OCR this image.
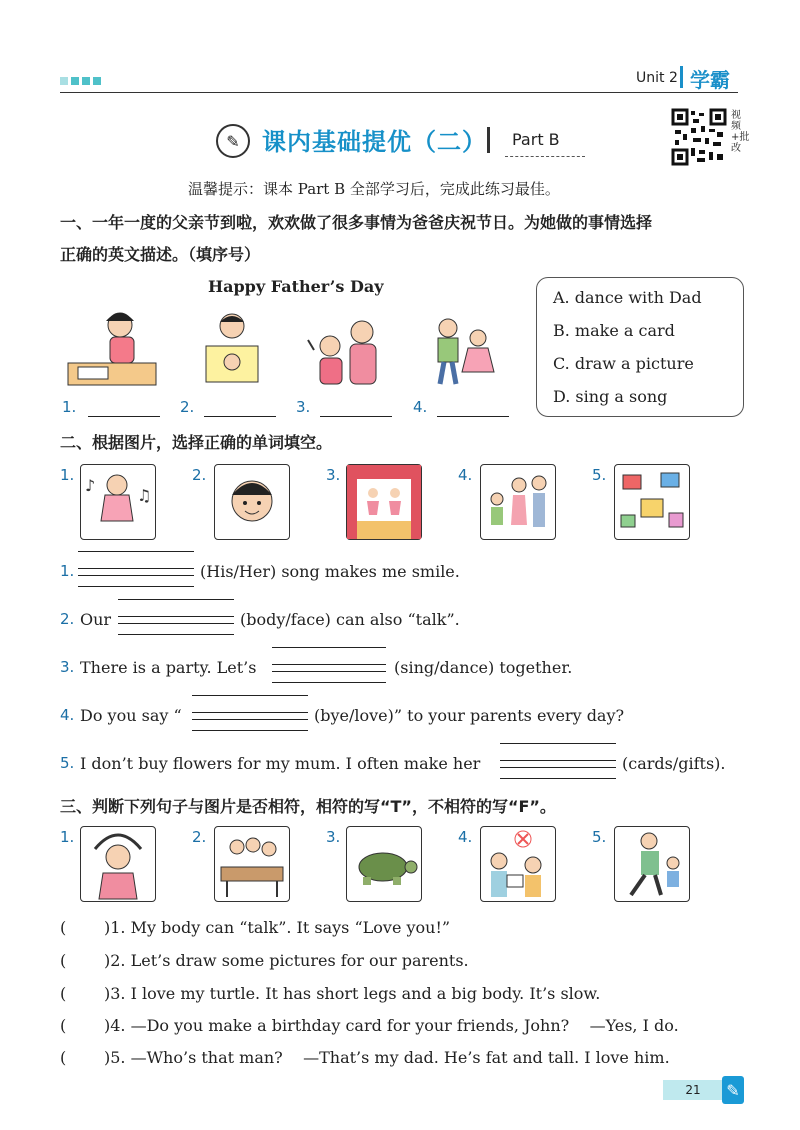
Unit 2 学霸
✎ 课内基础提优（二） Part B
视频+批改
温馨提示：课本 Part B 全部学习后，完成此练习最佳。
一、一年一度的父亲节到啦，欢欢做了很多事情为爸爸庆祝节日。为她做的事情选择
正确的英文描述。（填序号）
Happy Father’s Day
1.	2.	3.	4.
A. dance with Dad
B. make a card
C. draw a picture
D. sing a song
二、根据图片，选择正确的单词填空。
1.
♪
♫
2.	3.	4.	5.
1.	(His/Her) song makes me smile.
2. Our	(body/face) can also “talk”.
3. There is a party. Let’s	(sing/dance) together.
4. Do you say “	(bye/love)” to your parents every day?
5. I don’t buy flowers for my mum. I often make her	(cards/gifts).
三、判断下列句子与图片是否相符，相符的写“T”，不相符的写“F”。
1.	2.	3.	4.	5.
( )1. My body can “talk”. It says “Love you!”
( )2. Let’s draw some pictures for our parents.
( )3. I love my turtle. It has short legs and a big body. It’s slow.
( )4. —Do you make a birthday card for your friends, John?    —Yes, I do.
( )5. —Who’s that man?    —That’s my dad. He’s fat and tall. I love him.
21	✎
